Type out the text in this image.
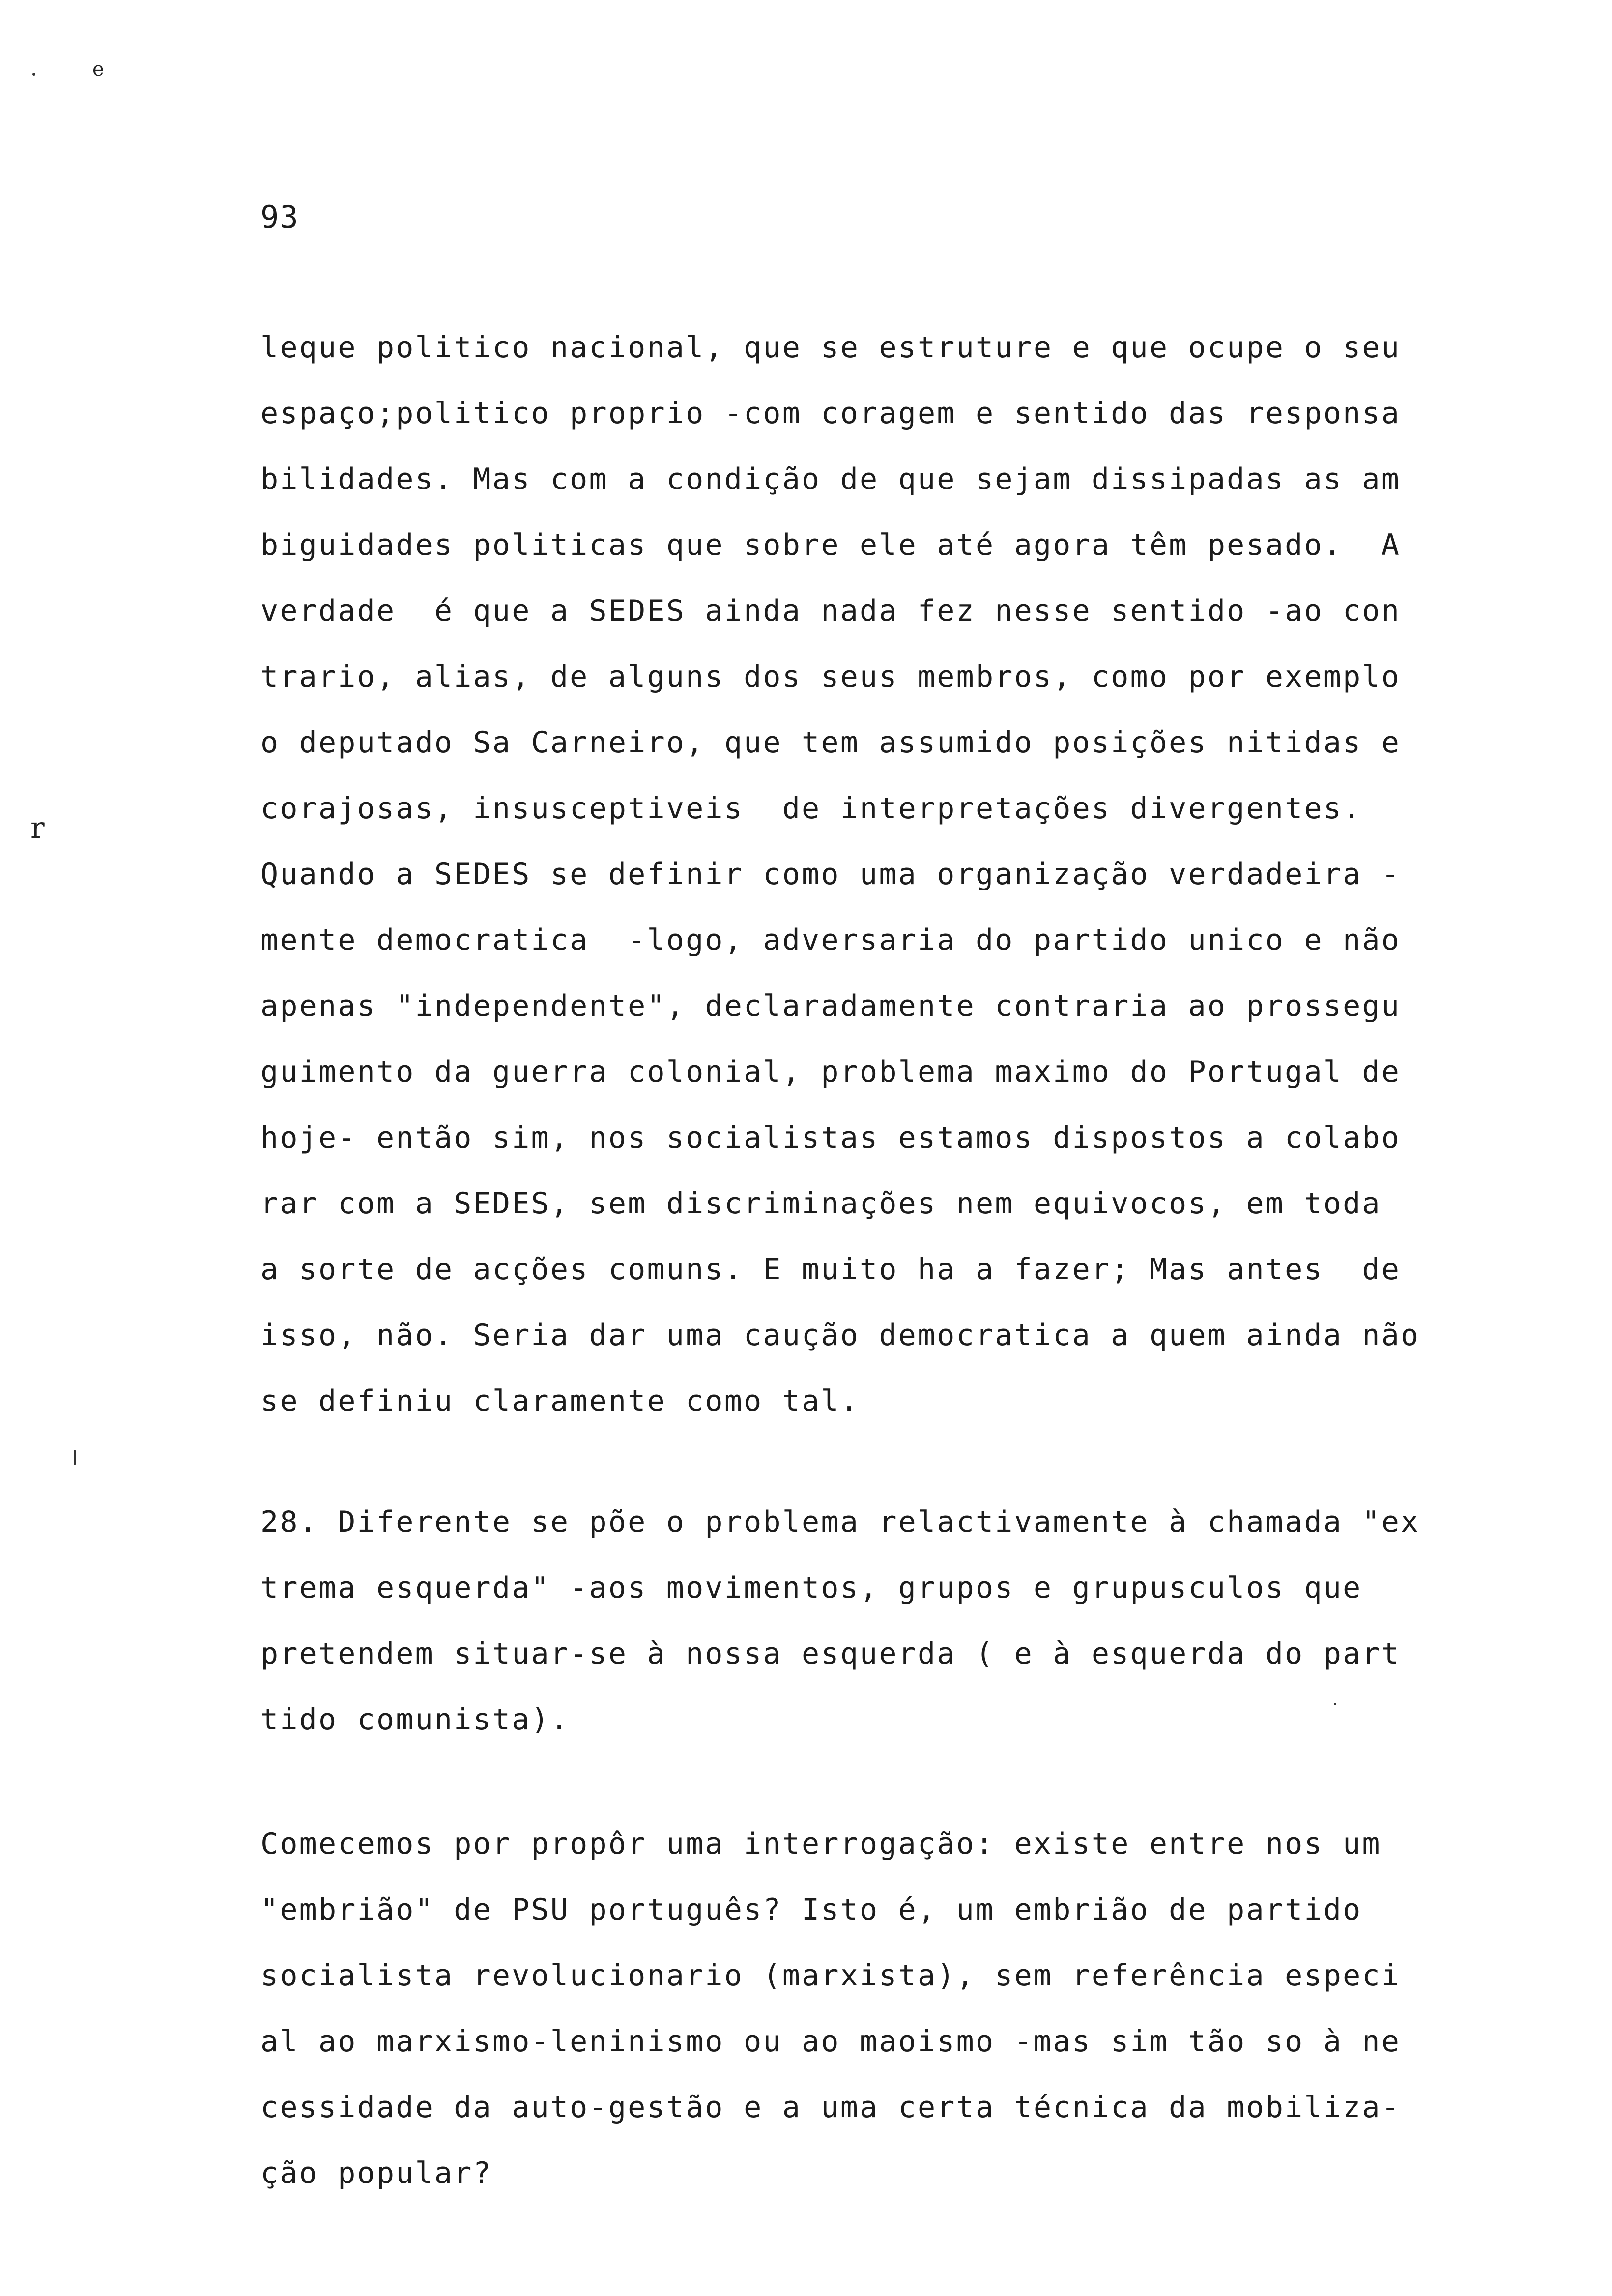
e
r
93
leque politico nacional, que se estruture e que ocupe o seu
espaço;politico proprio -com coragem e sentido das responsa
bilidades. Mas com a condição de que sejam dissipadas as am
biguidades politicas que sobre ele até agora têm pesado.  A
verdade  é que a SEDES ainda nada fez nesse sentido -ao con
trario, alias, de alguns dos seus membros, como por exemplo
o deputado Sa Carneiro, que tem assumido posições nitidas e
corajosas, insusceptiveis  de interpretações divergentes.
Quando a SEDES se definir como uma organização verdadeira -
mente democratica  -logo, adversaria do partido unico e não
apenas "independente", declaradamente contraria ao prossegu
guimento da guerra colonial, problema maximo do Portugal de
hoje- então sim, nos socialistas estamos dispostos a colabo
rar com a SEDES, sem discriminações nem equivocos, em toda
a sorte de acções comuns. E muito ha a fazer; Mas antes  de
isso, não. Seria dar uma caução democratica a quem ainda não
se definiu claramente como tal.
28. Diferente se põe o problema relactivamente à chamada "ex
trema esquerda" -aos movimentos, grupos e grupusculos que
pretendem situar-se à nossa esquerda ( e à esquerda do part
tido comunista).
Comecemos por propôr uma interrogação: existe entre nos um
"embrião" de PSU português? Isto é, um embrião de partido
socialista revolucionario (marxista), sem referência especi
al ao marxismo-leninismo ou ao maoismo -mas sim tão so à ne
cessidade da auto-gestão e a uma certa técnica da mobiliza-
ção popular?
